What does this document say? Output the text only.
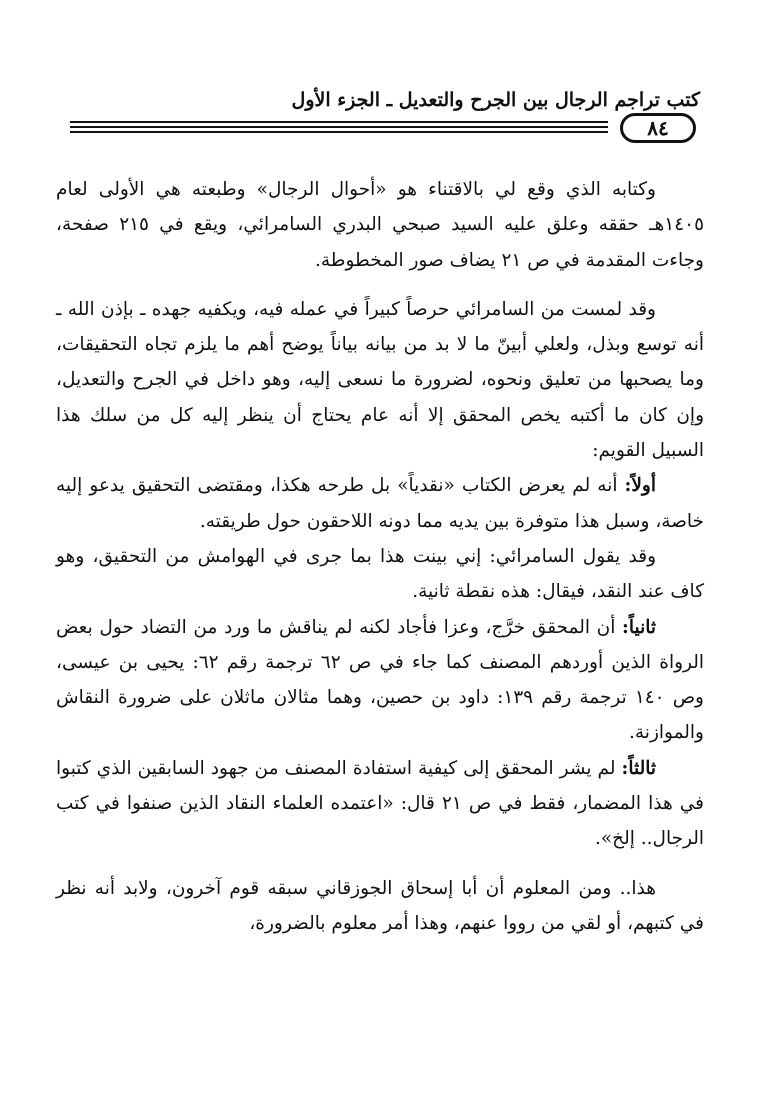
كتب تراجم الرجال بين الجرح والتعديل ـ الجزء الأول
٨٤

وكتابه الذي وقع لي بالاقتناء هو «أحوال الرجال» وطبعته هي الأولى لعام ١٤٠٥هـ حققه وعلق عليه السيد صبحي البدري السامرائي، ويقع في ٢١٥ صفحة، وجاءت المقدمة في ص ٢١ يضاف صور المخطوطة.

وقد لمست من السامرائي حرصاً كبيراً في عمله فيه، ويكفيه جهده ـ بإذن الله ـ أنه توسع وبذل، ولعلي أبينّ ما لا بد من بيانه بياناً يوضح أهم ما يلزم تجاه التحقيقات، وما يصحبها من تعليق ونحوه، لضرورة ما نسعى إليه، وهو داخل في الجرح والتعديل، وإن كان ما أكتبه يخص المحقق إلا أنه عام يحتاج أن ينظر إليه كل من سلك هذا السبيل القويم:

أولاً: أنه لم يعرض الكتاب «نقدياً» بل طرحه هكذا، ومقتضى التحقيق يدعو إليه خاصة، وسبل هذا متوفرة بين يديه مما دونه اللاحقون حول طريقته.

وقد يقول السامرائي: إني بينت هذا بما جرى في الهوامش من التحقيق، وهو كاف عند النقد، فيقال: هذه نقطة ثانية.

ثانياً: أن المحقق خرَّج، وعزا فأجاد لكنه لم يناقش ما ورد من التضاد حول بعض الرواة الذين أوردهم المصنف كما جاء في ص ٦٢ ترجمة رقم ٦٢: يحيى بن عيسى، وص ١٤٠ ترجمة رقم ١٣٩: داود بن حصين، وهما مثالان ماثلان على ضرورة النقاش والموازنة.

ثالثاً: لم يشر المحقق إلى كيفية استفادة المصنف من جهود السابقين الذي كتبوا في هذا المضمار، فقط في ص ٢١ قال: «اعتمده العلماء النقاد الذين صنفوا في كتب الرجال.. إلخ».

هذا.. ومن المعلوم أن أبا إسحاق الجوزقاني سبقه قوم آخرون، ولابد أنه نظر في كتبهم، أو لقي من رووا عنهم، وهذا أمر معلوم بالضرورة،
